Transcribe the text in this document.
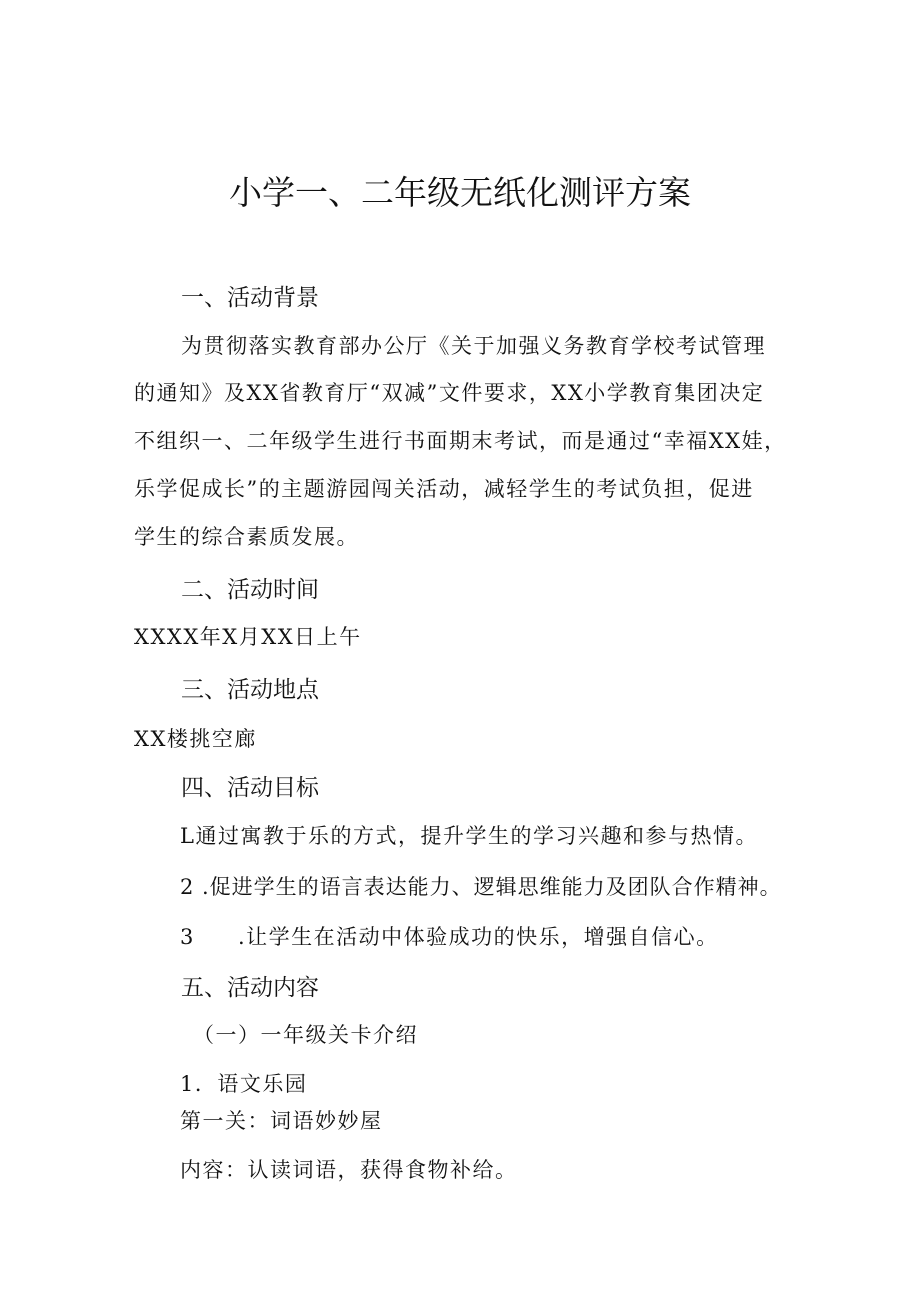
小学一、二年级无纸化测评方案
一、活动背景
为贯彻落实教育部办公厅《关于加强义务教育学校考试管理
的通知》及XX省教育厅“双减”文件要求，XX小学教育集团决定
不组织一、二年级学生进行书面期末考试，而是通过“幸福XX娃，
乐学促成长”的主题游园闯关活动，减轻学生的考试负担，促进
学生的综合素质发展。
二、活动时间
XXXX年X月XX日上午
三、活动地点
XX楼挑空廊
四、活动目标
L通过寓教于乐的方式，提升学生的学习兴趣和参与热情。
2 .促进学生的语言表达能力、逻辑思维能力及团队合作精神。
3 .让学生在活动中体验成功的快乐，增强自信心。
五、活动内容
（一）一年级关卡介绍
1．语文乐园
第一关：词语妙妙屋
内容：认读词语，获得食物补给。
